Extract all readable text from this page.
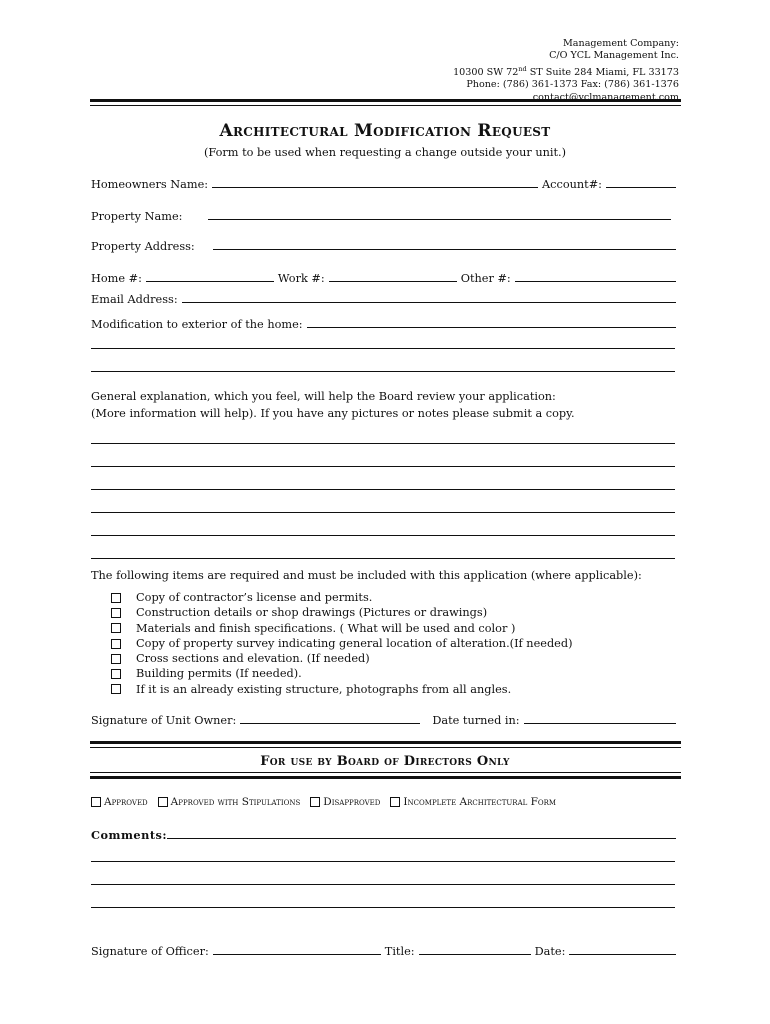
Management Company:
C/O YCL Management Inc.
10300 SW 72nd ST Suite 284 Miami, FL 33173
Phone: (786) 361-1373 Fax: (786) 361-1376
contact@yclmanagement.com
Architectural Modification Request
(Form to be used when requesting a change outside your unit.)
Homeowners Name:	Account#:
Property Name:
Property Address:
Home #:	Work #:	Other #:
Email Address:
Modification to exterior of the home:
General explanation, which you feel, will help the Board review your application:
(More information will help). If you have any pictures or notes please submit a copy.
The following items are required and must be included with this application (where applicable):
Copy of contractor’s license and permits.
Construction details or shop drawings (Pictures or drawings)
Materials and finish specifications. ( What will be used and color )
Copy of property survey indicating general location of alteration.(If needed)
Cross sections and elevation. (If needed)
Building permits (If needed).
If it is an already existing structure, photographs from all angles.
Signature of Unit Owner:	Date turned in:
For use by Board of Directors Only
Approved Approved with Stipulations Disapproved Incomplete Architectural Form
Comments:
Signature of Officer:	Title:	Date:
